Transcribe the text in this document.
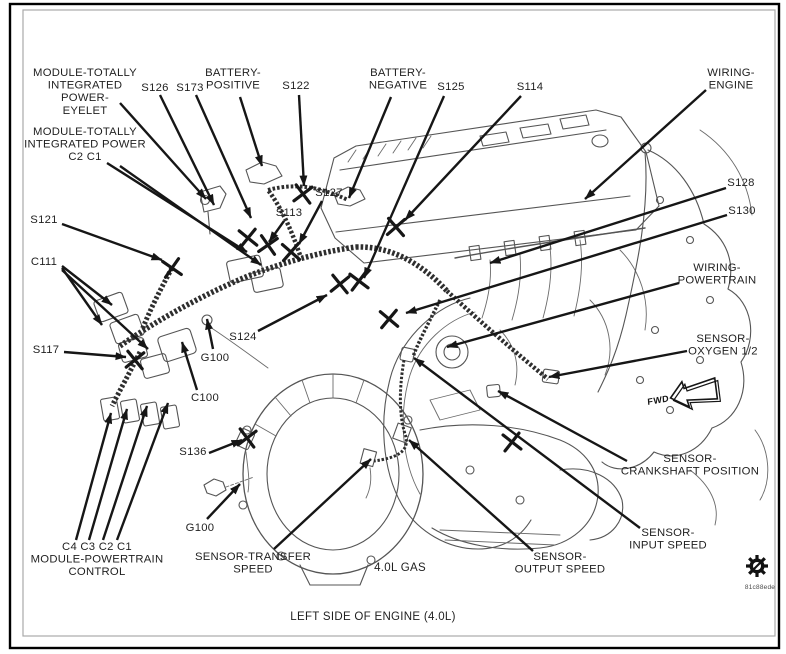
FWD
81c88ede
4.0L GAS
LEFT SIDE OF ENGINE (4.0L)
MODULE-TOTALLY INTEGRATED POWER-EYELET
MODULE-TOTALLY INTEGRATED POWER C2 C1
S126 S173
BATTERY-POSITIVE S122
BATTERY-NEGATIVE S125	S114
WIRING-ENGINE
S127
S113
S121
C111
S117
S124
G100
C100
S128
S130
WIRING-POWERTRAIN
SENSOR-OXYGEN 1/2
SENSOR-CRANKSHAFT POSITION
SENSOR-INPUT SPEED
SENSOR-OUTPUT SPEED
SENSOR-TRANSFER SPEED
S136
G100
C4 C3 C2 C1 MODULE-POWERTRAIN CONTROL
